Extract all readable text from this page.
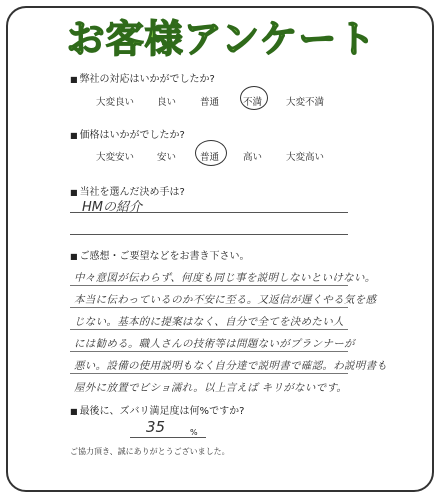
お客様アンケート
■ 弊社の対応はいかがでしたか?
大変良い 良い	普通	不満	大変不満
■ 価格はいかがでしたか?
大変安い 安い	普通	高い	大変高い
■ 当社を選んだ決め手は?
HMの紹介
■ ご感想・ご要望などをお書き下さい。
中々意図が伝わらず、何度も同じ事を説明しないといけない。
本当に伝わっているのか不安に至る。又返信が遅くやる気を感
じない。基本的に提案はなく、自分で全てを決めたい人
には勧める。職人さんの技術等は問題ないがプランナーが
悪い。設備の使用説明もなく自分達で説明書で確認。わ説明書も
屋外に放置でビショ濡れ。以上言えば キリがないです。
■ 最後に、ズバリ満足度は何%ですか?
35	%
ご協力頂き、誠にありがとうございました。
